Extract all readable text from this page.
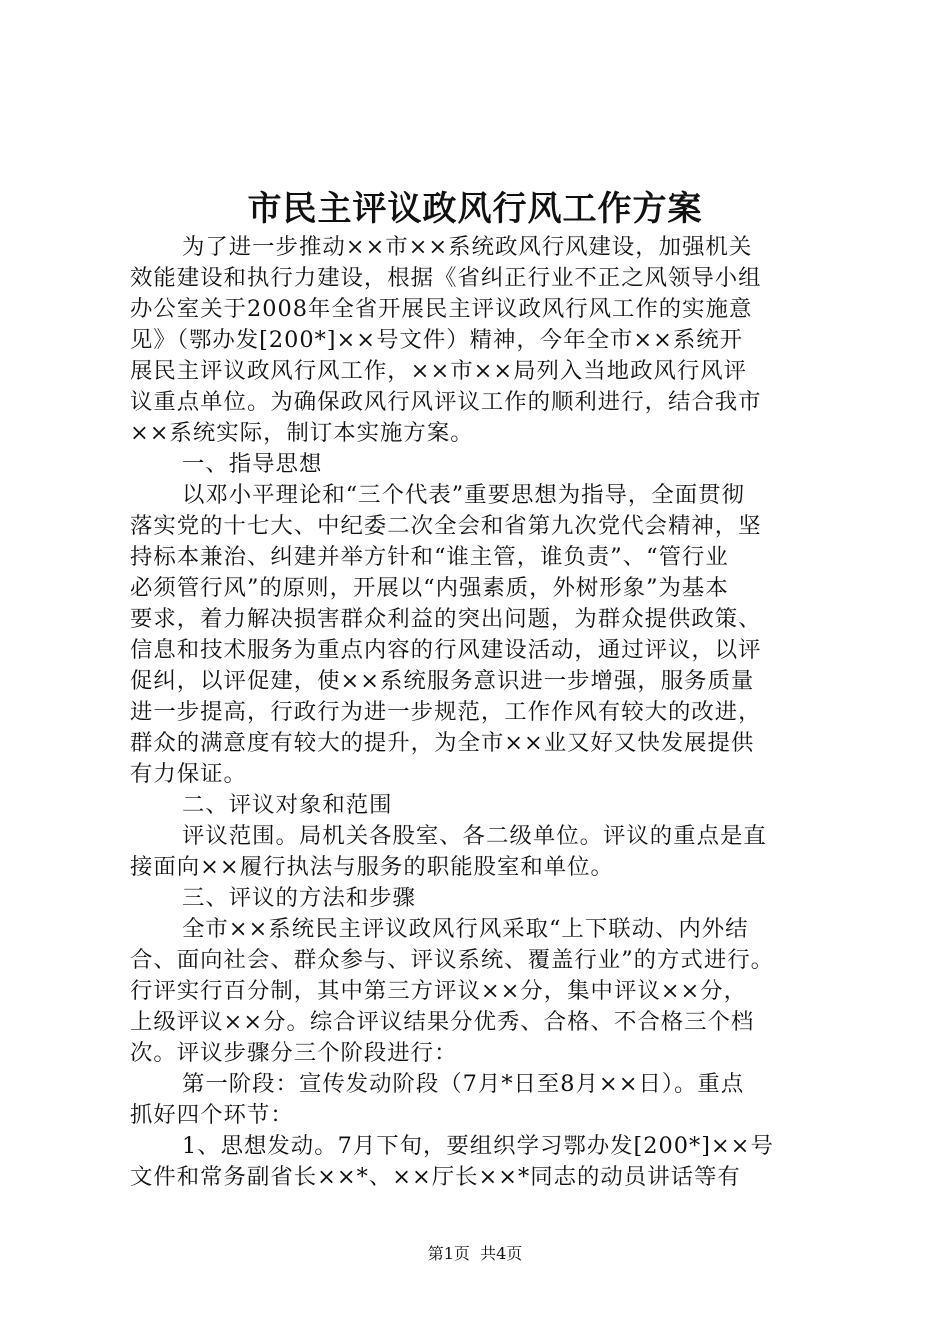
市民主评议政风行风工作方案
为了进一步推动××市××系统政风行风建设，加强机关
效能建设和执行力建设，根据《省纠正行业不正之风领导小组
办公室关于2008年全省开展民主评议政风行风工作的实施意
见》（鄂办发[200*]××号文件）精神，今年全市××系统开
展民主评议政风行风工作，××市××局列入当地政风行风评
议重点单位。为确保政风行风评议工作的顺利进行，结合我市
××系统实际，制订本实施方案。
一、指导思想
以邓小平理论和“三个代表”重要思想为指导，全面贯彻
落实党的十七大、中纪委二次全会和省第九次党代会精神，坚
持标本兼治、纠建并举方针和“谁主管，谁负责”、“管行业
必须管行风”的原则，开展以“内强素质，外树形象”为基本
要求，着力解决损害群众利益的突出问题，为群众提供政策、
信息和技术服务为重点内容的行风建设活动，通过评议，以评
促纠，以评促建，使××系统服务意识进一步增强，服务质量
进一步提高，行政行为进一步规范，工作作风有较大的改进，
群众的满意度有较大的提升，为全市××业又好又快发展提供
有力保证。
二、评议对象和范围
评议范围。局机关各股室、各二级单位。评议的重点是直
接面向××履行执法与服务的职能股室和单位。
三、评议的方法和步骤
全市××系统民主评议政风行风采取“上下联动、内外结
合、面向社会、群众参与、评议系统、覆盖行业”的方式进行。
行评实行百分制，其中第三方评议××分，集中评议××分，
上级评议××分。综合评议结果分优秀、合格、不合格三个档
次。评议步骤分三个阶段进行：
第一阶段：宣传发动阶段（7月*日至8月××日）。重点
抓好四个环节：
1、思想发动。7月下旬，要组织学习鄂办发[200*]××号
文件和常务副省长××*、××厅长××*同志的动员讲话等有
第1页  共4页
